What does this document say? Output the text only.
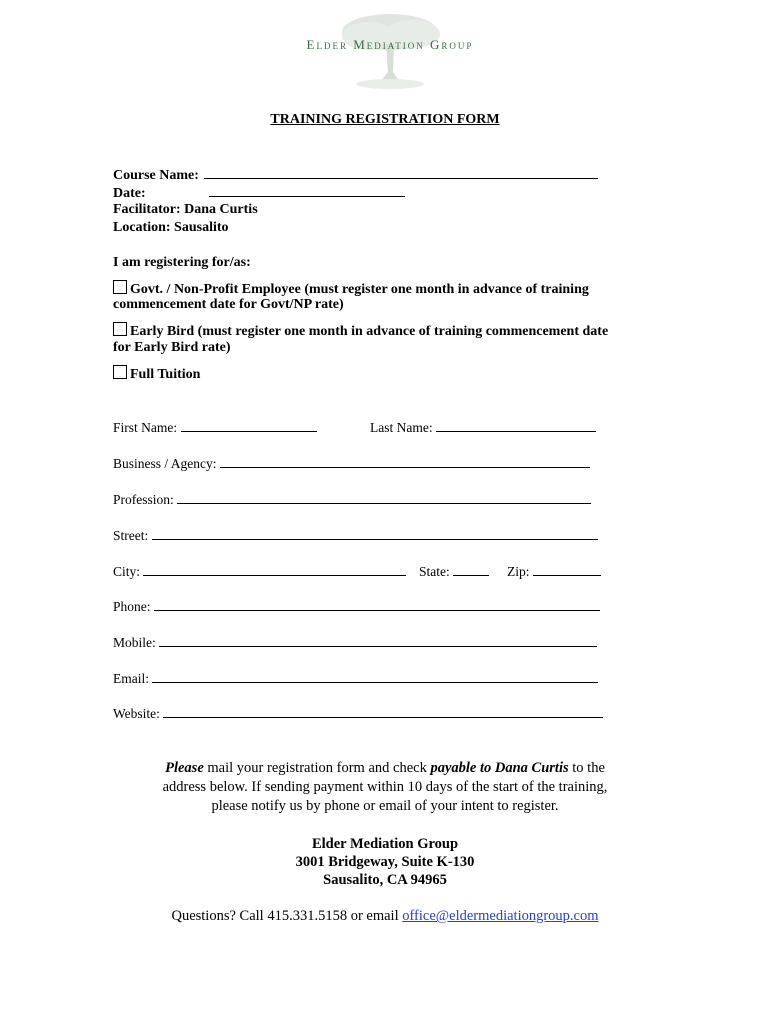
Elder Mediation Group
TRAINING REGISTRATION FORM
Course Name:
Date:
Facilitator: Dana Curtis
Location: Sausalito
I am registering for/as:
Govt. / Non-Profit Employee (must register one month in advance of training
commencement date for Govt/NP rate)
Early Bird (must register one month in advance of training commencement date
for Early Bird rate)
Full Tuition
First Name:	Last Name:
Business / Agency:
Profession:
Street:
City:	State:	Zip:
Phone:
Mobile:
Email:
Website:
Please mail your registration form and check payable to Dana Curtis to the
address below. If sending payment within 10 days of the start of the training,
please notify us by phone or email of your intent to register.
Elder Mediation Group
3001 Bridgeway, Suite K-130
Sausalito, CA 94965
Questions? Call 415.331.5158 or email office@eldermediationgroup.com
